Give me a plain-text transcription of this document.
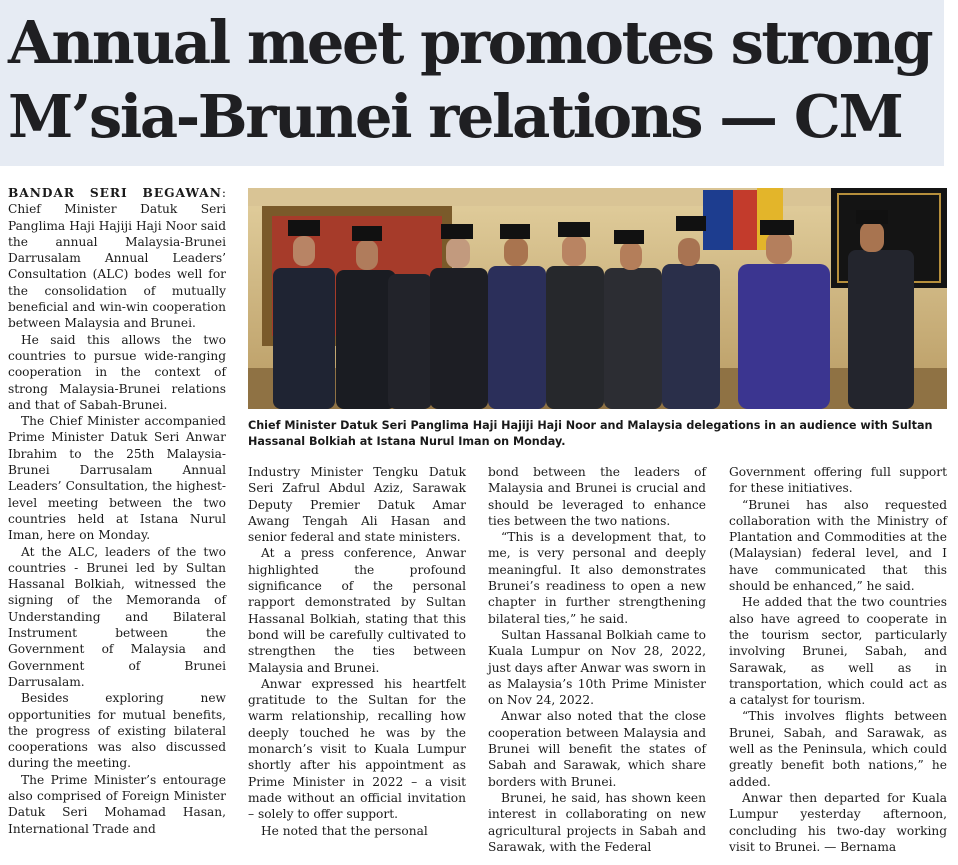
Annual meet promotes strong
M’sia-Brunei relations — CM

BANDAR SERI BEGAWAN: Chief Minister Datuk Seri Panglima Haji Hajiji Haji Noor said the annual Malaysia-Brunei Darrusalam Annual Leaders’ Consultation (ALC) bodes well for the consolidation of mutually beneficial and win-win cooperation between Malaysia and Brunei.

He said this allows the two countries to pursue wide-ranging cooperation in the context of strong Malaysia-Brunei relations and that of Sabah-Brunei.

The Chief Minister accompanied Prime Minister Datuk Seri Anwar Ibrahim to the 25th Malaysia-Brunei Darrusalam Annual Leaders’ Consultation, the highest-level meeting between the two countries held at Istana Nurul Iman, here on Monday.

At the ALC, leaders of the two countries - Brunei led by Sultan Hassanal Bolkiah, witnessed the signing of the Memoranda of Understanding and Bilateral Instrument between the Government of Malaysia and Government of Brunei Darrusalam.

Besides exploring new opportunities for mutual benefits, the progress of existing bilateral cooperations was also discussed during the meeting.

The Prime Minister’s entourage also comprised of Foreign Minister Datuk Seri Mohamad Hasan, International Trade and

Chief Minister Datuk Seri Panglima Haji Hajiji Haji Noor and Malaysia delegations in an audience with Sultan Hassanal Bolkiah at Istana Nurul Iman on Monday.

Industry Minister Tengku Datuk Seri Zafrul Abdul Aziz, Sarawak Deputy Premier Datuk Amar Awang Tengah Ali Hasan and senior federal and state ministers.

At a press conference, Anwar highlighted the profound significance of the personal rapport demonstrated by Sultan Hassanal Bolkiah, stating that this bond will be carefully cultivated to strengthen the ties between Malaysia and Brunei.

Anwar expressed his heartfelt gratitude to the Sultan for the warm relationship, recalling how deeply touched he was by the monarch’s visit to Kuala Lumpur shortly after his appointment as Prime Minister in 2022 – a visit made without an official invitation – solely to offer support.

He noted that the personal

bond between the leaders of Malaysia and Brunei is crucial and should be leveraged to enhance ties between the two nations.

“This is a development that, to me, is very personal and deeply meaningful. It also demonstrates Brunei’s readiness to open a new chapter in further strengthening bilateral ties,” he said.

Sultan Hassanal Bolkiah came to Kuala Lumpur on Nov 28, 2022, just days after Anwar was sworn in as Malaysia’s 10th Prime Minister on Nov 24, 2022.

Anwar also noted that the close cooperation between Malaysia and Brunei will benefit the states of Sabah and Sarawak, which share borders with Brunei.

Brunei, he said, has shown keen interest in collaborating on new agricultural projects in Sabah and Sarawak, with the Federal

Government offering full support for these initiatives.

“Brunei has also requested collaboration with the Ministry of Plantation and Commodities at the (Malaysian) federal level, and I have communicated that this should be enhanced,” he said.

He added that the two countries also have agreed to cooperate in the tourism sector, particularly involving Brunei, Sabah, and Sarawak, as well as in transportation, which could act as a catalyst for tourism.

“This involves flights between Brunei, Sabah, and Sarawak, as well as the Peninsula, which could greatly benefit both nations,” he added.

Anwar then departed for Kuala Lumpur yesterday afternoon, concluding his two-day working visit to Brunei. — Bernama
